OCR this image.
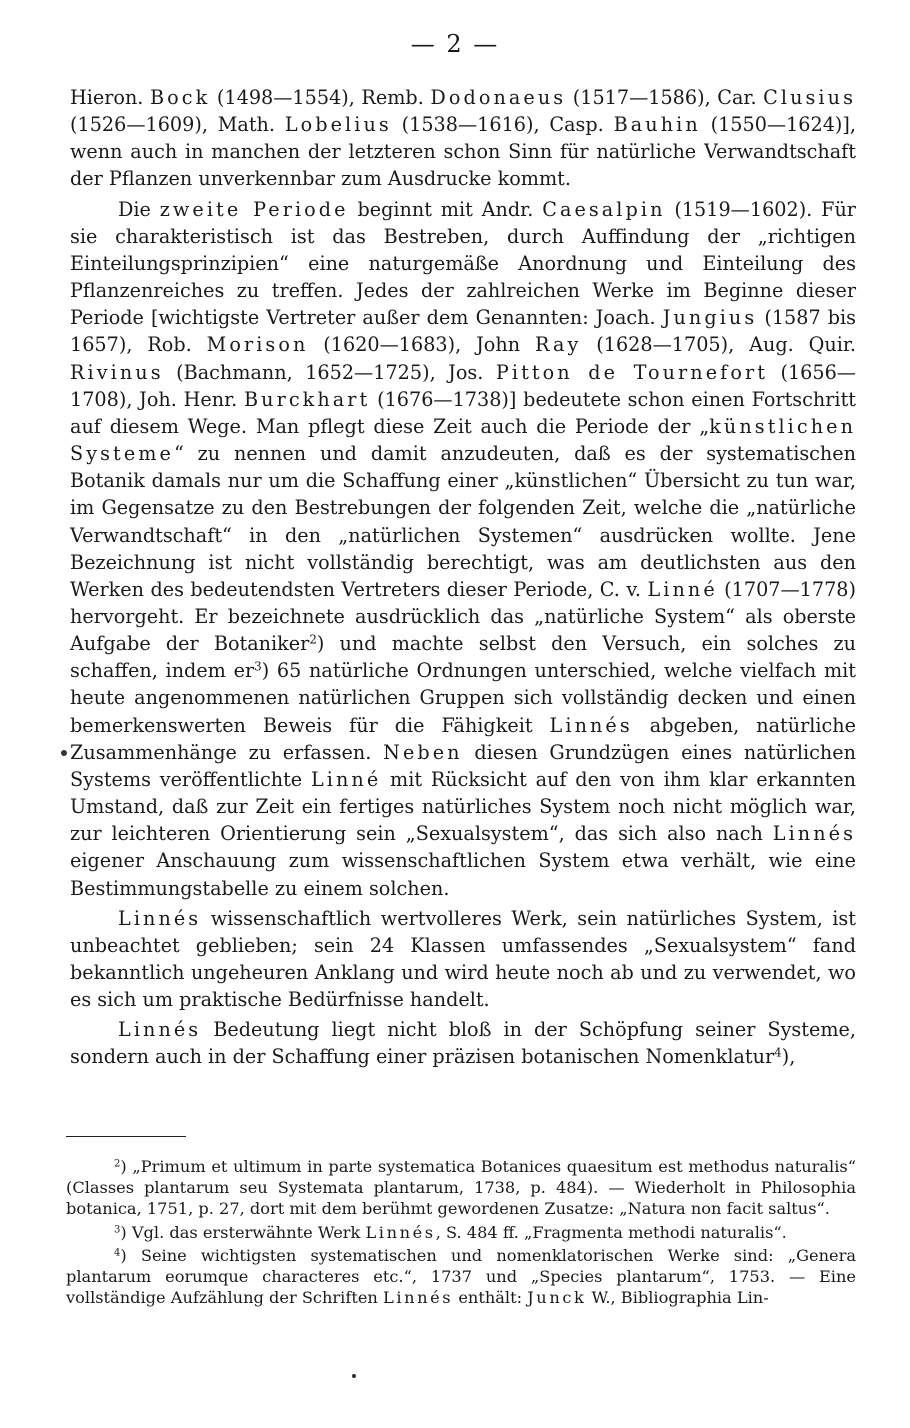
— 2 —

Hieron. Bock (1498—1554), Remb. Dodonaeus (1517—1586), Car. Clusius (1526—1609), Math. Lobelius (1538—1616), Casp. Bauhin (1550—1624)], wenn auch in manchen der letzteren schon Sinn für natürliche Verwandtschaft der Pflanzen unverkennbar zum Ausdrucke kommt.

Die zweite Periode beginnt mit Andr. Caesalpin (1519—1602). Für sie charakteristisch ist das Bestreben, durch Auffindung der „richtigen Einteilungsprinzipien“ eine naturgemäße Anordnung und Einteilung des Pflanzenreiches zu treffen. Jedes der zahlreichen Werke im Beginne dieser Periode [wichtigste Vertreter außer dem Genannten: Joach. Jungius (1587 bis 1657), Rob. Morison (1620—1683), John Ray (1628—1705), Aug. Quir. Rivinus (Bachmann, 1652—1725), Jos. Pitton de Tournefort (1656—1708), Joh. Henr. Burckhart (1676—1738)] bedeutete schon einen Fortschritt auf diesem Wege. Man pflegt diese Zeit auch die Periode der „künstlichen Systeme“ zu nennen und damit anzudeuten, daß es der systematischen Botanik damals nur um die Schaffung einer „künstlichen“ Übersicht zu tun war, im Gegensatze zu den Bestrebungen der folgenden Zeit, welche die „natürliche Verwandtschaft“ in den „natürlichen Systemen“ ausdrücken wollte. Jene Bezeichnung ist nicht vollständig berechtigt, was am deutlichsten aus den Werken des bedeutendsten Vertreters dieser Periode, C. v. Linné (1707—1778) hervorgeht. Er bezeichnete ausdrücklich das „natürliche System“ als oberste Aufgabe der Botaniker$^2$) und machte selbst den Versuch, ein solches zu schaffen, indem $er^3$) 65 natürliche Ordnungen unterschied, welche vielfach mit heute angenommenen natürlichen Gruppen sich vollständig decken und einen bemerkenswerten Beweis für die Fähigkeit Linnés abgeben, natürliche Zusammenhänge zu erfassen. Neben diesen Grundzügen eines natürlichen Systems veröffentlichte Linné mit Rücksicht auf den von ihm klar erkannten Umstand, daß zur Zeit ein fertiges natürliches System noch nicht möglich war, zur leichteren Orientierung sein „Sexualsystem“, das sich also nach Linnés eigener Anschauung zum wissenschaftlichen System etwa verhält, wie eine Bestimmungstabelle zu einem solchen.

Linnés wissenschaftlich wertvolleres Werk, sein natürliches System, ist unbeachtet geblieben; sein 24 Klassen umfassendes „Sexualsystem“ fand bekanntlich ungeheuren Anklang und wird heute noch ab und zu verwendet, wo es sich um praktische Bedürfnisse handelt.

Linnés Bedeutung liegt nicht bloß in der Schöpfung seiner Systeme, sondern auch in der Schaffung einer präzisen botanischen Nomenklatur$^4$),

$^2$) „Primum et ultimum in parte systematica Botanices quaesitum est methodus naturalis“ (Classes plantarum seu Systemata plantarum, 1738, p. 484). — Wiederholt in Philosophia botanica, 1751, p. 27, dort mit dem berühmt gewordenen Zusatze: „Natura non facit saltus“.

$^3$) Vgl. das ersterwähnte Werk Linnés, S. 484 ff. „Fragmenta methodi naturalis“.

$^4$) Seine wichtigsten systematischen und nomenklatorischen Werke sind: „Genera plantarum eorumque characteres etc.“, 1737 und „Species plantarum“, 1753. — Eine vollständige Aufzählung der Schriften Linnés enthält: Junck W., Bibliographia Lin-
